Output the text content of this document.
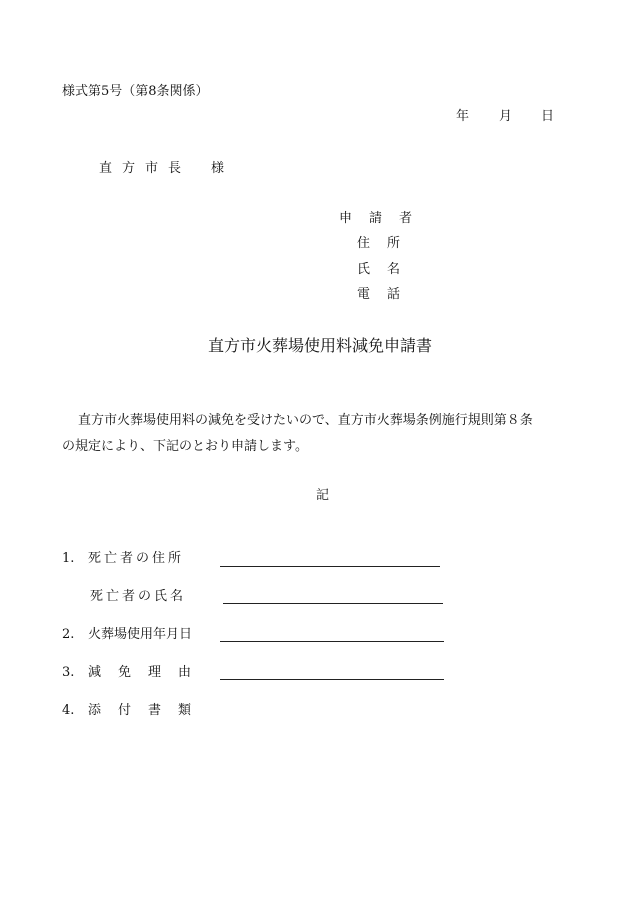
様式第5号（第8条関係）
年 月 日
直方市長 様
申請者
住所
氏名
電話
直方市火葬場使用料減免申請書
直方市火葬場使用料の減免を受けたいので、直方市火葬場条例施行規則第８条
の規定により、下記のとおり申請します。
記
1. 死亡者の住所
死亡者の氏名
2. 火葬場使用年月日
3. 減免理由
4. 添付書類
